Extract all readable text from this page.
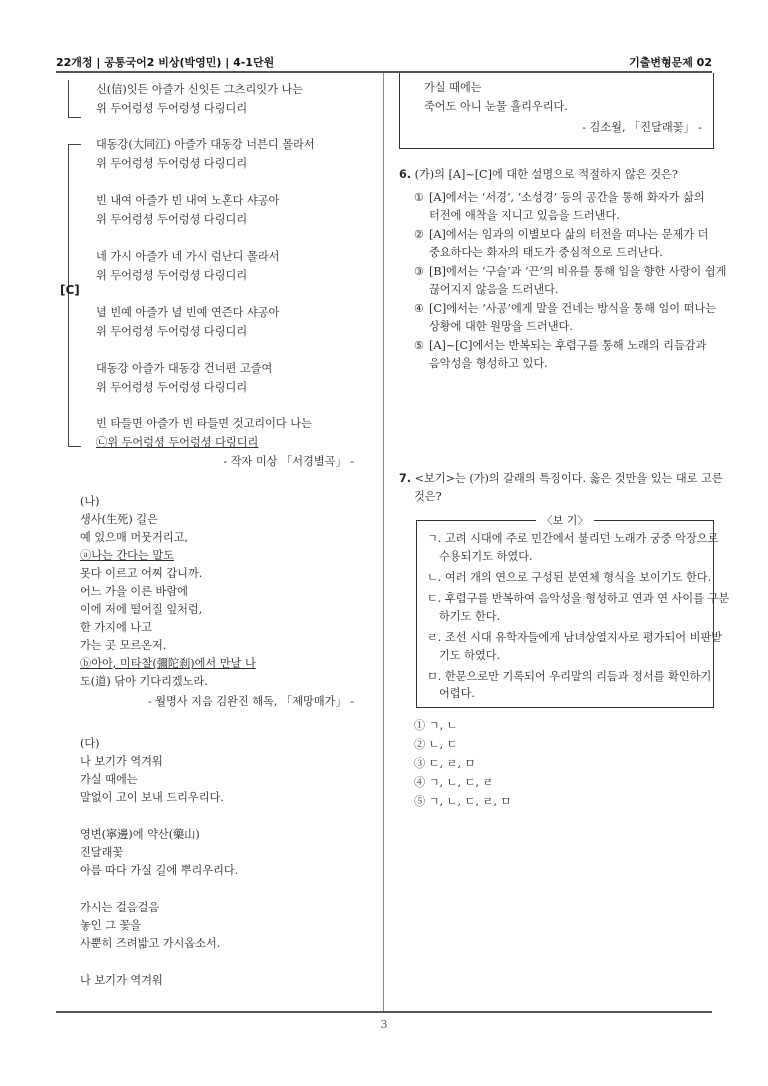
22개정 | 공통국어2 비상(박영민) | 4-1단원	기출변형문제 02
신(信)잇든 아즐가 신잇든 그츠리잇가 나는
위 두어렁셩 두어렁셩 다링디리
[C]
대동강(大同江) 아즐가 대동강 너븐디 몰라서
위 두어렁셩 두어렁셩 다링디리
빈 내여 아즐가 빈 내여 노혼다 샤공아
위 두어렁셩 두어렁셩 다링디리
네 가시 아즐가 네 가시 럼난디 몰라서
위 두어렁셩 두어렁셩 다링디리
녈 빈예 아즐가 녈 빈예 연즌다 샤공아
위 두어렁셩 두어렁셩 다링디리
대동강 아즐가 대동강 건너편 고즐여
위 두어렁셩 두어렁셩 다링디리
빈 타들면 아즐가 빈 타들면 것고리이다 나는
㉡위 두어렁셩 두어렁셩 다링디리
- 작자 미상 「서경별곡」 -
(나)
생사(生死) 길은
예 있으매 머뭇거리고,
ⓐ나는 간다는 말도
못다 이르고 어찌 갑니까.
어느 가을 이른 바람에
이에 저에 떨어질 잎처럼,
한 가지에 나고
가는 곳 모르온저.
ⓑ아아, 미타찰(彌陀刹)에서 만날 나
도(道) 닦아 기다리겠노라.
- 월명사 지음 김완진 해독, 「제망매가」 -
(다)
나 보기가 역겨워
가실 때에는
말없이 고이 보내 드리우리다.
영변(寧邊)에 약산(藥山)
진달래꽃
아름 따다 가실 길에 뿌리우리다.
가시는 걸음걸음
놓인 그 꽃을
사뿐히 즈려밟고 가시옵소서.
나 보기가 역겨워
가실 때에는
죽어도 아니 눈물 흘리우리다.
- 김소월, 「진달래꽃」 -
6. (가)의 [A]~[C]에 대한 설명으로 적절하지 않은 것은?
① [A]에서는 ‘서경’, ‘소성경’ 등의 공간을 통해 화자가 삶의
터전에 애착을 지니고 있음을 드러낸다.
② [A]에서는 임과의 이별보다 삶의 터전을 떠나는 문제가 더
중요하다는 화자의 태도가 중심적으로 드러난다.
③ [B]에서는 ‘구슬’과 ‘끈’의 비유를 통해 임을 향한 사랑이 쉽게
끊어지지 않음을 드러낸다.
④ [C]에서는 ‘사공’에게 말을 건네는 방식을 통해 임이 떠나는
상황에 대한 원망을 드러낸다.
⑤ [A]~[C]에서는 반복되는 후렴구를 통해 노래의 리듬감과
음악성을 형성하고 있다.
7. <보기>는 (가)의 갈래의 특징이다. 옳은 것만을 있는 대로 고른
것은?
〈보 기〉
ㄱ. 고려 시대에 주로 민간에서 불리던 노래가 궁중 악장으로
수용되기도 하였다.
ㄴ. 여러 개의 연으로 구성된 분연체 형식을 보이기도 한다.
ㄷ. 후렴구를 반복하여 음악성을 형성하고 연과 연 사이를 구분
하기도 한다.
ㄹ. 조선 시대 유학자들에게 남녀상열지사로 평가되어 비판받
기도 하였다.
ㅁ. 한문으로만 기록되어 우리말의 리듬과 정서를 확인하기
어렵다.
① ㄱ, ㄴ
② ㄴ, ㄷ
③ ㄷ, ㄹ, ㅁ
④ ㄱ, ㄴ, ㄷ, ㄹ
⑤ ㄱ, ㄴ, ㄷ, ㄹ, ㅁ
3
